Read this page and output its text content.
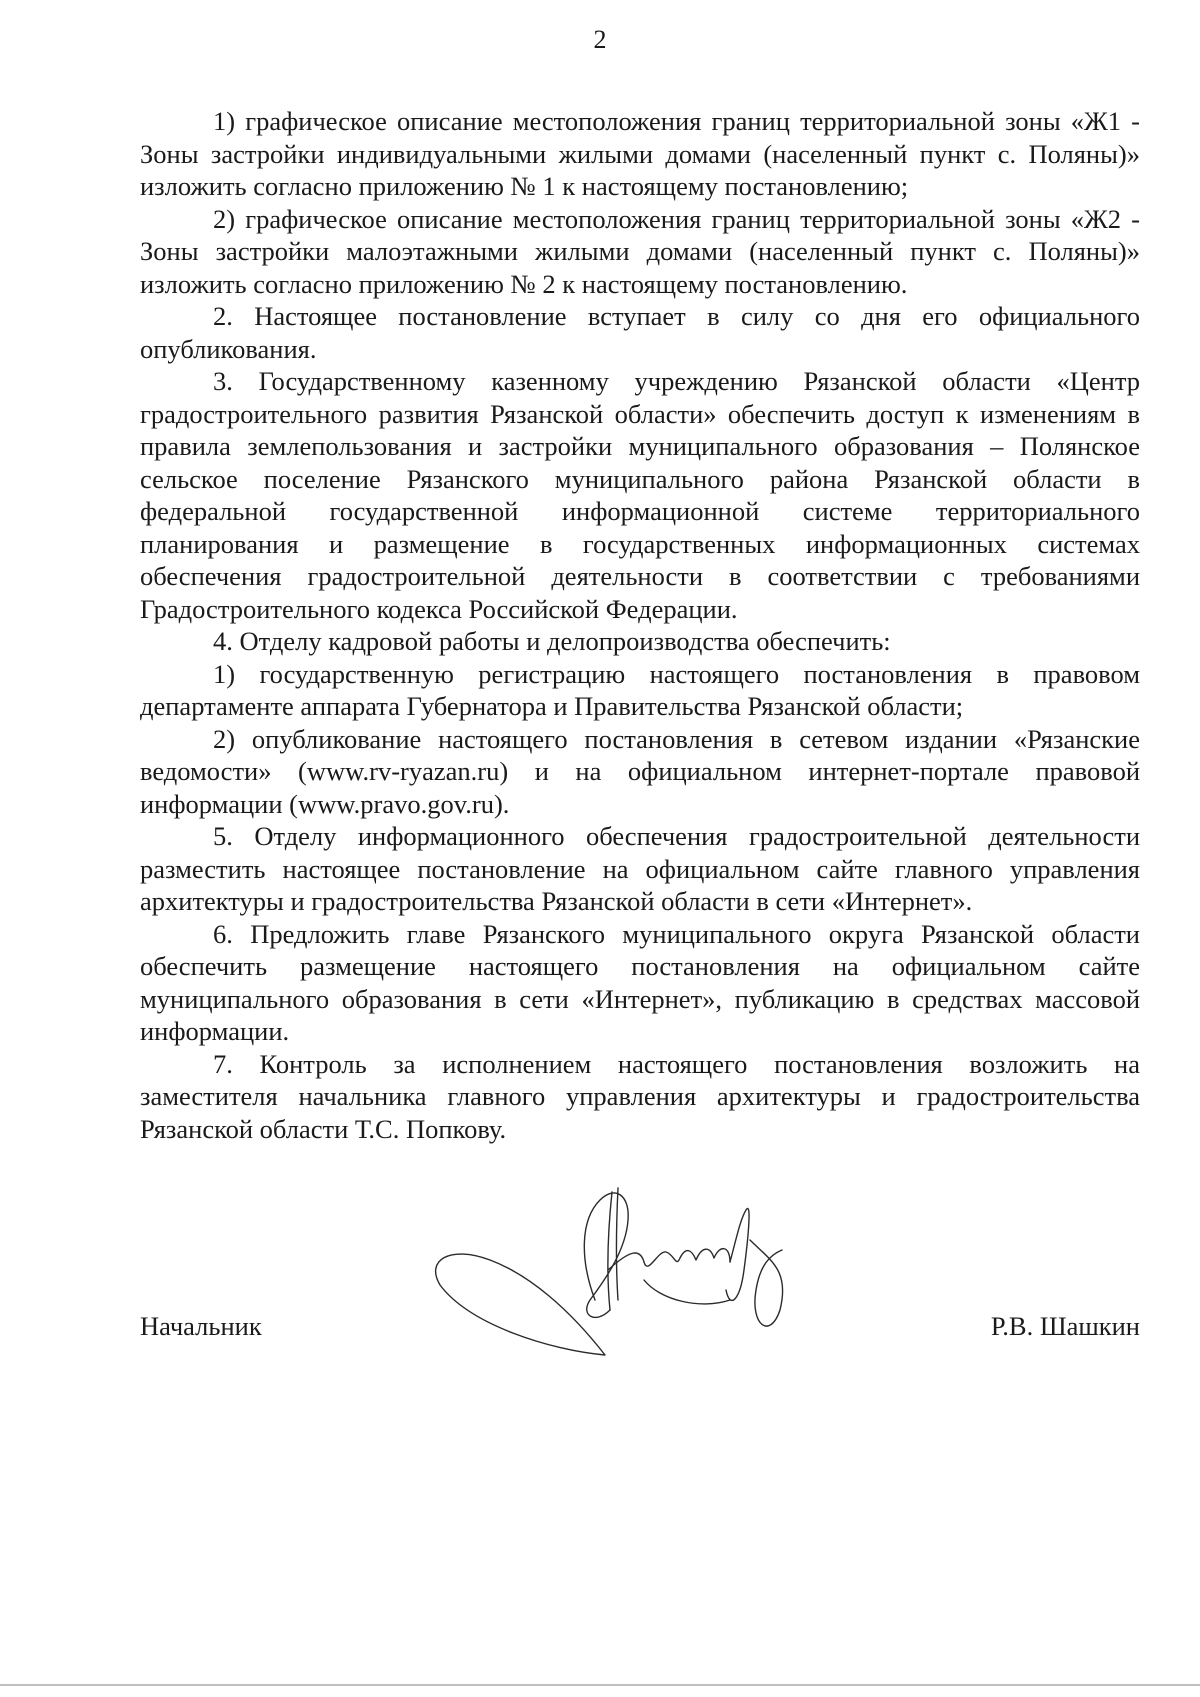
2

1) графическое описание местоположения границ территориальной зоны «Ж1 - Зоны застройки индивидуальными жилыми домами (населенный пункт с. Поляны)» изложить согласно приложению № 1 к настоящему постановлению;

2) графическое описание местоположения границ территориальной зоны «Ж2 - Зоны застройки малоэтажными жилыми домами (населенный пункт с. Поляны)» изложить согласно приложению № 2 к настоящему постановлению.

2. Настоящее постановление вступает в силу со дня его официального опубликования.

3. Государственному казенному учреждению Рязанской области «Центр градостроительного развития Рязанской области» обеспечить доступ к изменениям в правила землепользования и застройки муниципального образования – Полянское сельское поселение Рязанского муниципального района Рязанской области в федеральной государственной информационной системе территориального планирования и размещение в государственных информационных системах обеспечения градостроительной деятельности в соответствии с требованиями Градостроительного кодекса Российской Федерации.

4. Отделу кадровой работы и делопроизводства обеспечить:

1) государственную регистрацию настоящего постановления в правовом департаменте аппарата Губернатора и Правительства Рязанской области;

2) опубликование настоящего постановления в сетевом издании «Рязанские ведомости» (www.rv-ryazan.ru) и на официальном интернет-портале правовой информации (www.pravo.gov.ru).

5. Отделу информационного обеспечения градостроительной деятельности разместить настоящее постановление на официальном сайте главного управления архитектуры и градостроительства Рязанской области в сети «Интернет».

6. Предложить главе Рязанского муниципального округа Рязанской области обеспечить размещение настоящего постановления на официальном сайте муниципального образования в сети «Интернет», публикацию в средствах массовой информации.

7. Контроль за исполнением настоящего постановления возложить на заместителя начальника главного управления архитектуры и градостроительства Рязанской области Т.С. Попкову.

Начальник	Р.В. Шашкин
